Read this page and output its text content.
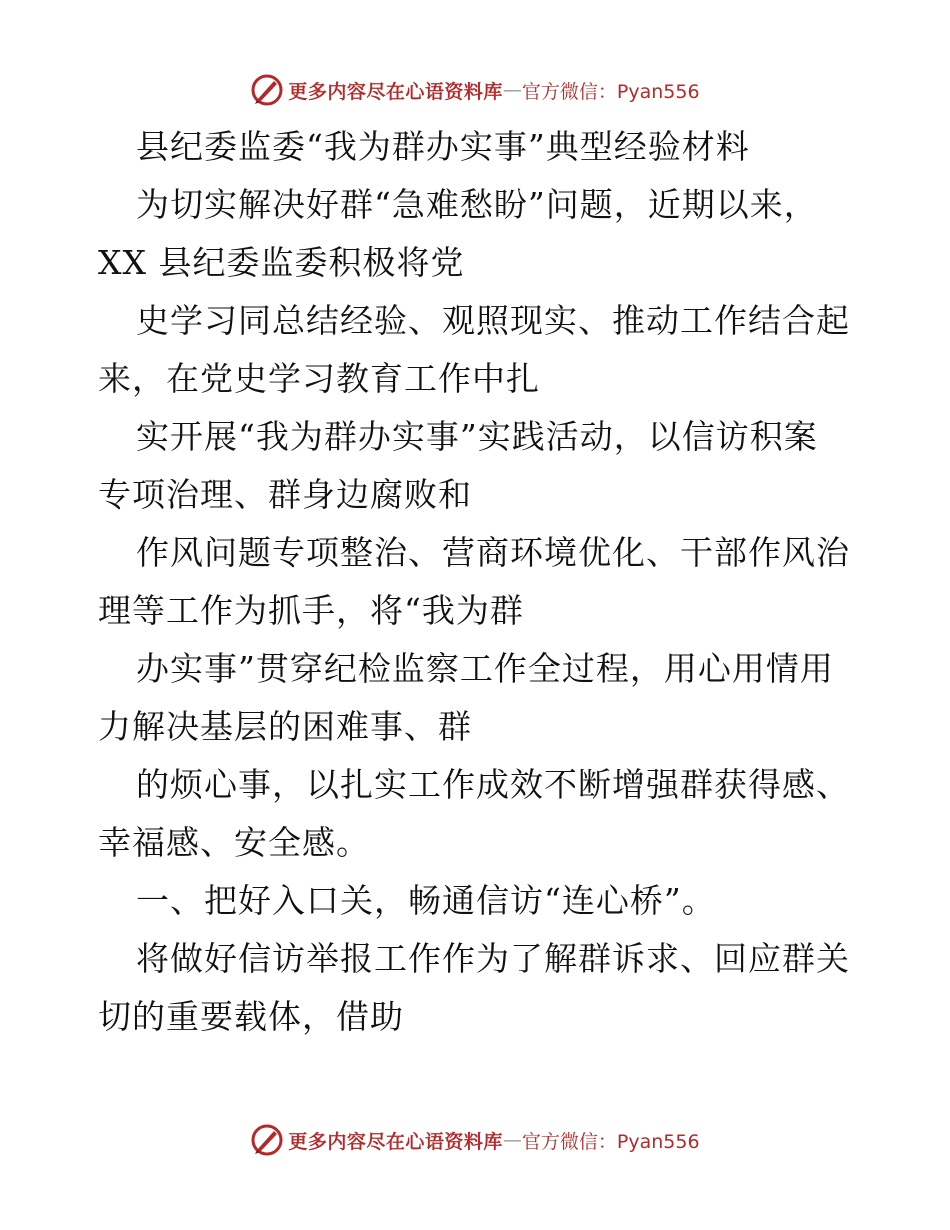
更多内容尽在心语资料库 — 官方微信：Pyan556
县纪委监委“我为群办实事”典型经验材料
为切实解决好群“急难愁盼”问题，近期以来，
XX 县纪委监委积极将党
史学习同总结经验、观照现实、推动工作结合起
来，在党史学习教育工作中扎
实开展“我为群办实事”实践活动，以信访积案
专项治理、群身边腐败和
作风问题专项整治、营商环境优化、干部作风治
理等工作为抓手，将“我为群
办实事”贯穿纪检监察工作全过程，用心用情用
力解决基层的困难事、群
的烦心事，以扎实工作成效不断增强群获得感、
幸福感、安全感。
一、把好入口关，畅通信访“连心桥”。
将做好信访举报工作作为了解群诉求、回应群关
切的重要载体，借助
更多内容尽在心语资料库 — 官方微信：Pyan556
